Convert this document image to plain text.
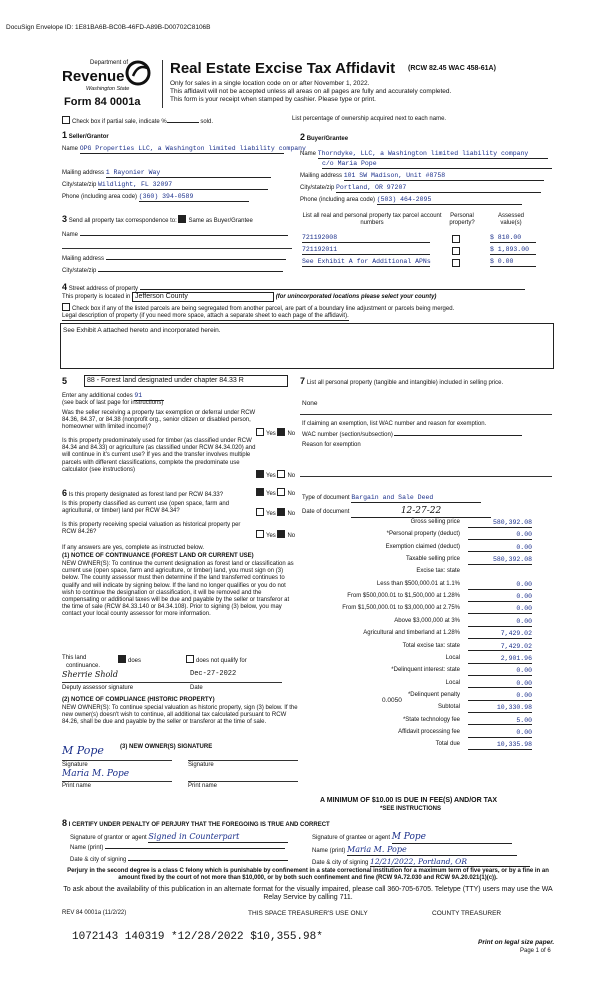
DocuSign Envelope ID: 1E81BA6B-BC0B-46FD-A89B-D00702C8106B
Department of
Revenue
Washington State
Form 84 0001a
Real Estate Excise Tax Affidavit (RCW 82.45 WAC 458-61A)
Only for sales in a single location code on or after November 1, 2022.
This affidavit will not be accepted unless all areas on all pages are fully and accurately completed.
This form is your receipt when stamped by cashier. Please type or print.
Check box if partial sale, indicate %	sold.	List percentage of ownership acquired next to each name.
1 Seller/Grantor
Name OPG Properties LLC, a Washington limited liability company
Mailing address 1 Rayonier Way
City/state/zip Wildlight, FL 32097
Phone (including area code) (360) 394-0589
2 Buyer/Grantee
Name Thorndyke, LLC, a Washington limited liability company
c/o Maria Pope
Mailing address 101 SW Madison, Unit #8758
City/state/zip Portland, OR 97207
Phone (including area code) (503) 464-2095
3 Send all property tax correspondence to: Same as Buyer/Grantee
Name
Mailing address
City/state/zip
List all real and personal property tax parcel account numbers
Personal property?
Assessed value(s)
721192008	$ 810.00
721192011	$ 1,893.00
See Exhibit A for Additional APNs	$ 0.00
4 Street address of property
This property is located in Jefferson County	(for unincorporated locations please select your county)
Check box if any of the listed parcels are being segregated from another parcel, are part of a boundary line adjustment or parcels being merged.
Legal description of property (if you need more space, attach a separate sheet to each page of the affidavit).
See Exhibit A attached hereto and incorporated herein.
5	88 - Forest land designated under chapter 84.33 R
Enter any additional codes 91
(see back of last page for instructions)
Was the seller receiving a property tax exemption or deferral under RCW 84.36, 84.37, or 84.38 (nonprofit org., senior citizen or disabled person, homeowner with limited income)?
Yes No
Is this property predominately used for timber (as classified under RCW 84.34 and 84.33) or agriculture (as classified under RCW 84.34.020) and will continue in it's current use? If yes and the transfer involves multiple parcels with different classifications, complete the predominate use calculator (see instructions)
Yes No
7 List all personal property (tangible and intangible) included in selling price.
None
If claiming an exemption, list WAC number and reason for exemption.
WAC number (section/subsection)
Reason for exemption
6 Is this property designated as forest land per RCW 84.33?	Yes No
Is this property classified as current use (open space, farm and agricultural, or timber) land per RCW 84.34?	Yes No
Is this property receiving special valuation as historical property per RCW 84.26?
Yes No
If any answers are yes, complete as instructed below.
(1) NOTICE OF CONTINUANCE (FOREST LAND OR CURRENT USE)
NEW OWNER(S): To continue the current designation as forest land or classification as current use (open space, farm and agriculture, or timber) land, you must sign on (3) below. The county assessor must then determine if the land transferred continues to qualify and will indicate by signing below. If the land no longer qualifies or you do not wish to continue the designation or classification, it will be removed and the compensating or additional taxes will be due and payable by the seller or transferor at the time of sale (RCW 84.33.140 or 84.34.108). Prior to signing (3) below, you may contact your local county assessor for more information.
This land	does	does not qualify for
continuance.
Sherrie Shold	Dec-27-2022
Deputy assessor signature	Date
(2) NOTICE OF COMPLIANCE (HISTORIC PROPERTY)
NEW OWNER(S): To continue special valuation as historic property, sign (3) below. If the new owner(s) doesn't wish to continue, all additional tax calculated pursuant to RCW 84.26, shall be due and payable by the seller or transferor at the time of sale.
M Pope	(3) NEW OWNER(S) SIGNATURE
Signature	Signature
Maria M. Pope
Print name	Print name
Type of document Bargain and Sale Deed
Date of document	12-27-22
Gross selling price	580,392.08
*Personal property (deduct)	0.00
Exemption claimed (deduct)	0.00
Taxable selling price	580,392.08
Excise tax: state
Less than $500,000.01 at 1.1%	0.00
From $500,000.01 to $1,500,000 at 1.28%	0.00
From $1,500,000.01 to $3,000,000 at 2.75%	0.00
Above $3,000,000 at 3%	0.00
Agricultural and timberland at 1.28%	7,429.02
Total excise tax: state	7,429.02
Local	2,901.96
*Delinquent interest: state	0.00
Local	0.00
*Delinquent penalty	0.00
Subtotal	10,330.98
*State technology fee	5.00
Affidavit processing fee	0.00
Total due	10,335.98
0.0050
A MINIMUM OF $10.00 IS DUE IN FEE(S) AND/OR TAX
*SEE INSTRUCTIONS
8 I CERTIFY UNDER PENALTY OF PERJURY THAT THE FOREGOING IS TRUE AND CORRECT
Signature of grantor or agent Signed in Counterpart
Name (print)
Date & city of signing
Signature of grantee or agent M Pope
Name (print) Maria M. Pope
Date & city of signing 12/21/2022, Portland, OR
Perjury in the second degree is a class C felony which is punishable by confinement in a state correctional institution for a maximum term of five years, or by a fine in an amount fixed by the court of not more than $10,000, or by both such confinement and fine (RCW 9A.72.030 and RCW 9A.20.021(1)(c)).
To ask about the availability of this publication in an alternate format for the visually impaired, please call 360-705-6705. Teletype (TTY) users may use the WA Relay Service by calling 711.
REV 84 0001a (11/2/22)	THIS SPACE TREASURER'S USE ONLY	COUNTY TREASURER
1072143 140319 *12/28/2022 $10,355.98*	Print on legal size paper.
Page 1 of 6
